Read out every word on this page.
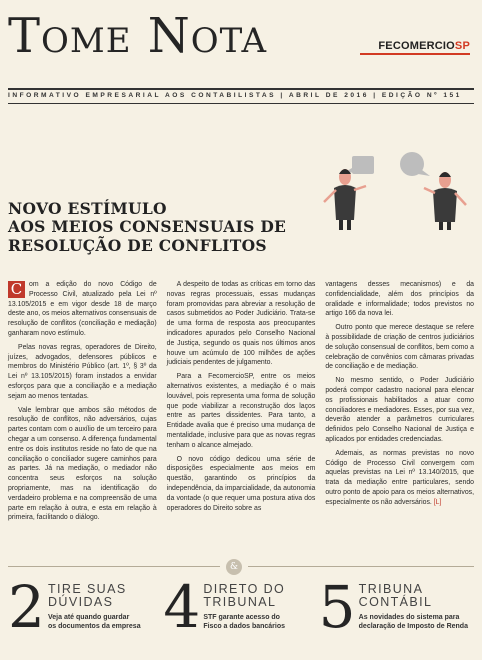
Tome Nota	FECOMERCIOSP
INFORMATIVO EMPRESARIAL AOS CONTABILISTAS | ABRIL DE 2016 | EDIÇÃO Nº 151
NOVO ESTÍMULO
AOS MEIOS CONSENSUAIS DE
RESOLUÇÃO DE CONFLITOS

C om a edição do novo Código de Processo Civil, atualizado pela Lei nº 13.105/2015 e em vigor desde 18 de março deste ano, os meios alternativos consensuais de resolução de conflitos (conciliação e mediação) ganharam novo estímulo.

Pelas novas regras, operadores de Direito, juízes, advogados, defensores públicos e membros do Ministério Público (art. 1º, § 3º da Lei nº 13.105/2015) foram instados a envidar esforços para que a conciliação e a mediação sejam ao menos tentadas.

Vale lembrar que ambos são métodos de resolução de conflitos, não adversários, cujas partes contam com o auxílio de um terceiro para chegar a um consenso. A diferença fundamental entre os dois institutos reside no fato de que na conciliação o conciliador sugere caminhos para as partes. Já na mediação, o mediador não concentra seus esforços na solução propriamente, mas na identificação do verdadeiro problema e na compreensão de uma parte em relação à outra, e esta em relação à primeira, facilitando o diálogo.

A despeito de todas as críticas em torno das novas regras processuais, essas mudanças foram promovidas para abreviar a resolução de casos submetidos ao Poder Judiciário. Trata-se de uma forma de resposta aos preocupantes indicadores apurados pelo Conselho Nacional de Justiça, segundo os quais nos últimos anos houve um acúmulo de 100 milhões de ações judiciais pendentes de julgamento.

Para a FecomercioSP, entre os meios alternativos existentes, a mediação é o mais louvável, pois representa uma forma de solução que pode viabilizar a reconstrução dos laços entre as partes dissidentes. Para tanto, a Entidade avalia que é preciso uma mudança de mentalidade, inclusive para que as novas regras tenham o alcance almejado.

O novo código dedicou uma série de disposições especialmente aos meios em questão, garantindo os princípios da independência, da imparcialidade, da autonomia da vontade (o que requer uma postura ativa dos operadores do Direito sobre as

vantagens desses mecanismos) e da confidencialidade, além dos princípios da oralidade e informalidade; todos previstos no artigo 166 da nova lei.

Outro ponto que merece destaque se refere à possibilidade de criação de centros judiciários de solução consensual de conflitos, bem como a celebração de convênios com câmaras privadas de conciliação e de mediação.

No mesmo sentido, o Poder Judiciário poderá compor cadastro nacional para elencar os profissionais habilitados a atuar como conciliadores e mediadores. Esses, por sua vez, deverão atender a parâmetros curriculares definidos pelo Conselho Nacional de Justiça e aplicados por entidades credenciadas.

Ademais, as normas previstas no novo Código de Processo Civil convergem com aquelas previstas na Lei nº 13.140/2015, que trata da mediação entre particulares, sendo outro ponto de apoio para os meios alternativos, especialmente os não adversários. [L]

&
2 TIRE SUAS
DÚVIDAS
Veja até quando guardar
os documentos da empresa 4 DIRETO DO
TRIBUNAL
STF garante acesso do
Fisco a dados bancários 5 TRIBUNA
CONTÁBIL
As novidades do sistema para
declaração de Imposto de Renda
